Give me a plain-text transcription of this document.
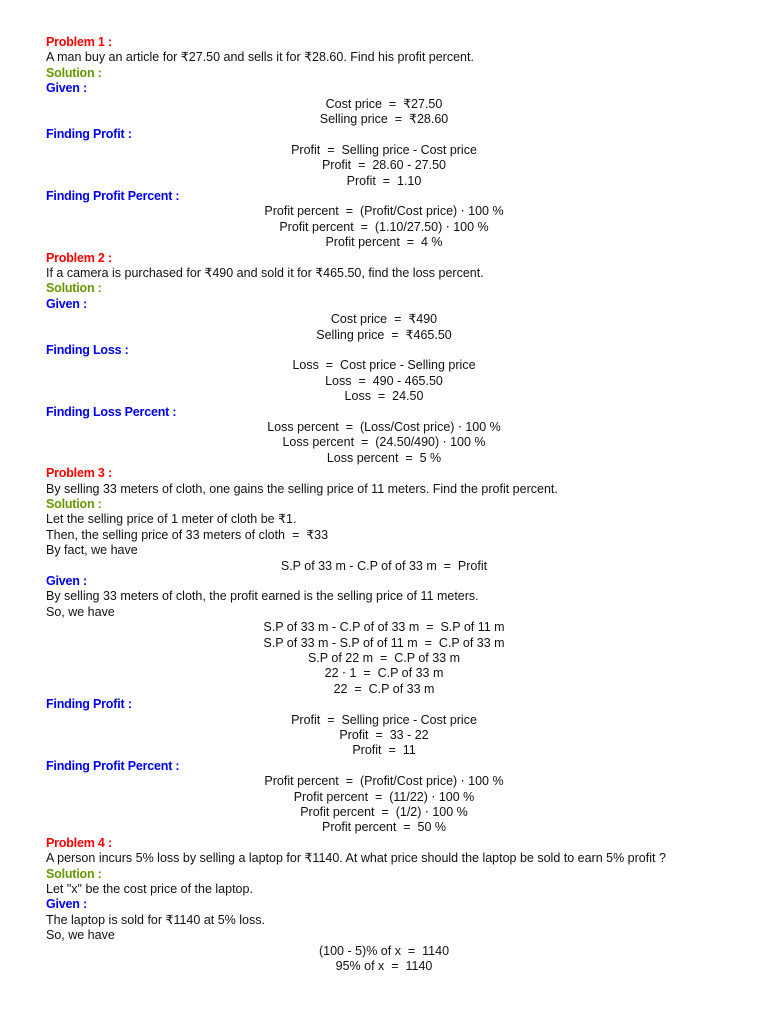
Problem 1 :
A man buy an article for ₹27.50 and sells it for ₹28.60. Find his profit percent.
Solution :
Given :
Cost price  =  ₹27.50
Selling price  =  ₹28.60
Finding Profit :
Profit  =  Selling price - Cost price
Profit  =  28.60 - 27.50
Profit  =  1.10
Finding Profit Percent :
Profit percent  =  (Profit/Cost price) ⋅ 100 %
Profit percent  =  (1.10/27.50) ⋅ 100 %
Profit percent  =  4 %
Problem 2 :
If a camera is purchased for ₹490 and sold it for ₹465.50, find the loss percent.
Solution :
Given :
Cost price  =  ₹490
Selling price  =  ₹465.50
Finding Loss :
Loss  =  Cost price - Selling price
Loss  =  490 - 465.50
Loss  =  24.50
Finding Loss Percent :
Loss percent  =  (Loss/Cost price) ⋅ 100 %
Loss percent  =  (24.50/490) ⋅ 100 %
Loss percent  =  5 %
Problem 3 :
By selling 33 meters of cloth, one gains the selling price of 11 meters. Find the profit percent.
Solution :
Let the selling price of 1 meter of cloth be ₹1.
Then, the selling price of 33 meters of cloth  =  ₹33
By fact, we have
S.P of 33 m - C.P of of 33 m  =  Profit
Given :
By selling 33 meters of cloth, the profit earned is the selling price of 11 meters.
So, we have
S.P of 33 m - C.P of of 33 m  =  S.P of 11 m
S.P of 33 m - S.P of of 11 m  =  C.P of 33 m
S.P of 22 m  =  C.P of 33 m
22 ⋅ 1  =  C.P of 33 m
22  =  C.P of 33 m
Finding Profit :
Profit  =  Selling price - Cost price
Profit  =  33 - 22
Profit  =  11
Finding Profit Percent :
Profit percent  =  (Profit/Cost price) ⋅ 100 %
Profit percent  =  (11/22) ⋅ 100 %
Profit percent  =  (1/2) ⋅ 100 %
Profit percent  =  50 %
Problem 4 :
A person incurs 5% loss by selling a laptop for ₹1140. At what price should the laptop be sold to earn 5% profit ?
Solution :
Let "x" be the cost price of the laptop.
Given :
The laptop is sold for ₹1140 at 5% loss.
So, we have
(100 - 5)% of x  =  1140
95% of x  =  1140
